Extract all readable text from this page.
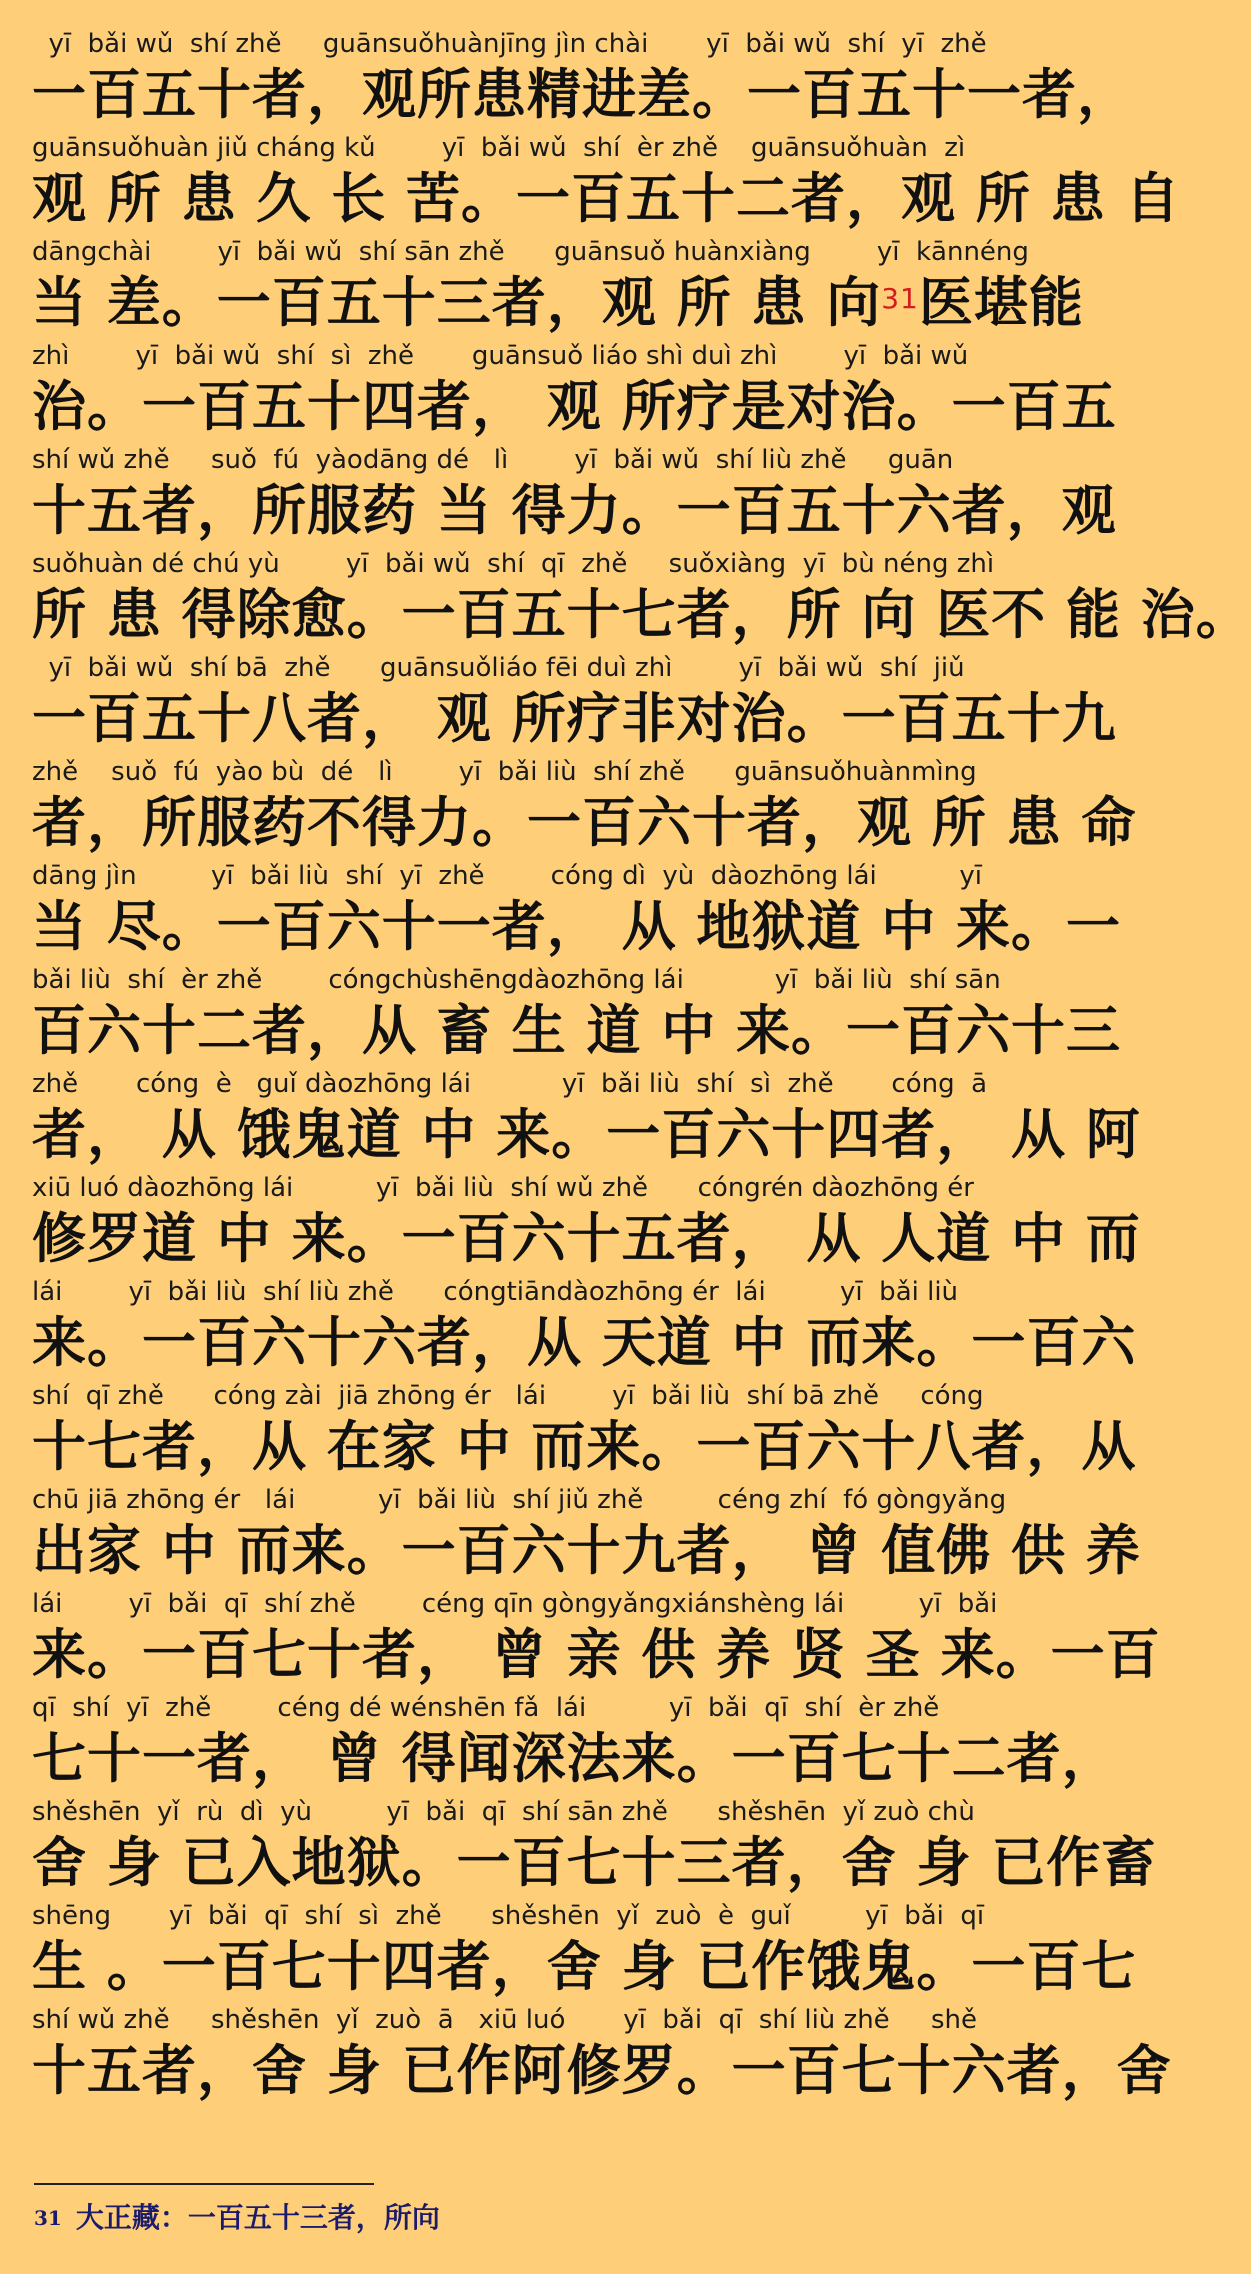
yī  bǎi wǔ  shí zhě     guānsuǒhuànjīng jìn chài       yī  bǎi wǔ  shí  yī  zhě
一百五十者，观所患精进差。一百五十一者，
guānsuǒhuàn jiǔ cháng kǔ        yī  bǎi wǔ  shí  èr zhě    guānsuǒhuàn  zì
观 所 患 久 长 苦。一百五十二者，观 所 患 自
dāngchài        yī  bǎi wǔ  shí sān zhě      guānsuǒ huànxiàng        yī  kānnéng
当 差。一百五十三者，观 所 患 向$^{31}$医堪能
zhì        yī  bǎi wǔ  shí  sì  zhě       guānsuǒ liáo shì duì zhì        yī  bǎi wǔ
治。一百五十四者， 观 所疗是对治。一百五
shí wǔ zhě     suǒ  fú  yàodāng dé   lì        yī  bǎi wǔ  shí liù zhě     guān
十五者，所服药 当 得力。一百五十六者，观
suǒhuàn dé chú yù        yī  bǎi wǔ  shí  qī  zhě     suǒxiàng  yī  bù néng zhì
所 患 得除愈。一百五十七者，所 向 医不 能 治。
yī  bǎi wǔ  shí bā  zhě      guānsuǒliáo fēi duì zhì        yī  bǎi wǔ  shí  jiǔ
一百五十八者， 观 所疗非对治。一百五十九
zhě    suǒ  fú  yào bù  dé   lì        yī  bǎi liù  shí zhě      guānsuǒhuànmìng
者，所服药不得力。一百六十者，观 所 患 命
dāng jìn         yī  bǎi liù  shí  yī  zhě        cóng dì  yù  dàozhōng lái          yī
当 尽。一百六十一者， 从 地狱道 中 来。一
bǎi liù  shí  èr zhě        cóngchùshēngdàozhōng lái           yī  bǎi liù  shí sān
百六十二者，从 畜 生 道 中 来。一百六十三
zhě       cóng  è   guǐ dàozhōng lái           yī  bǎi liù  shí  sì  zhě       cóng  ā
者， 从 饿鬼道 中 来。一百六十四者， 从 阿
xiū luó dàozhōng lái          yī  bǎi liù  shí wǔ zhě      cóngrén dàozhōng ér
修罗道 中 来。一百六十五者， 从 人道 中 而
lái        yī  bǎi liù  shí liù zhě      cóngtiāndàozhōng ér  lái         yī  bǎi liù
来。一百六十六者，从 天道 中 而来。一百六
shí  qī zhě      cóng zài  jiā zhōng ér   lái        yī  bǎi liù  shí bā zhě     cóng
十七者，从 在家 中 而来。一百六十八者，从
chū jiā zhōng ér   lái          yī  bǎi liù  shí jiǔ zhě         céng zhí  fó gòngyǎng
出家 中 而来。一百六十九者， 曾 值佛 供 养
lái        yī  bǎi  qī  shí zhě        céng qīn gòngyǎngxiánshèng lái         yī  bǎi
来。一百七十者， 曾 亲 供 养 贤 圣 来。一百
qī  shí  yī  zhě        céng dé wénshēn fǎ  lái          yī  bǎi  qī  shí  èr zhě
七十一者， 曾 得闻深法来。一百七十二者，
shěshēn  yǐ  rù  dì  yù         yī  bǎi  qī  shí sān zhě      shěshēn  yǐ zuò chù
舍 身 已入地狱。一百七十三者，舍 身 已作畜
shēng       yī  bǎi  qī  shí  sì  zhě      shěshēn  yǐ  zuò  è  guǐ         yī  bǎi  qī
生 。一百七十四者，舍 身 已作饿鬼。一百七
shí wǔ zhě     shěshēn  yǐ  zuò  ā   xiū luó       yī  bǎi  qī  shí liù zhě     shě
十五者，舍 身 已作阿修罗。一百七十六者，舍
$^{31}$ 大正藏：一百五十三者，所向
